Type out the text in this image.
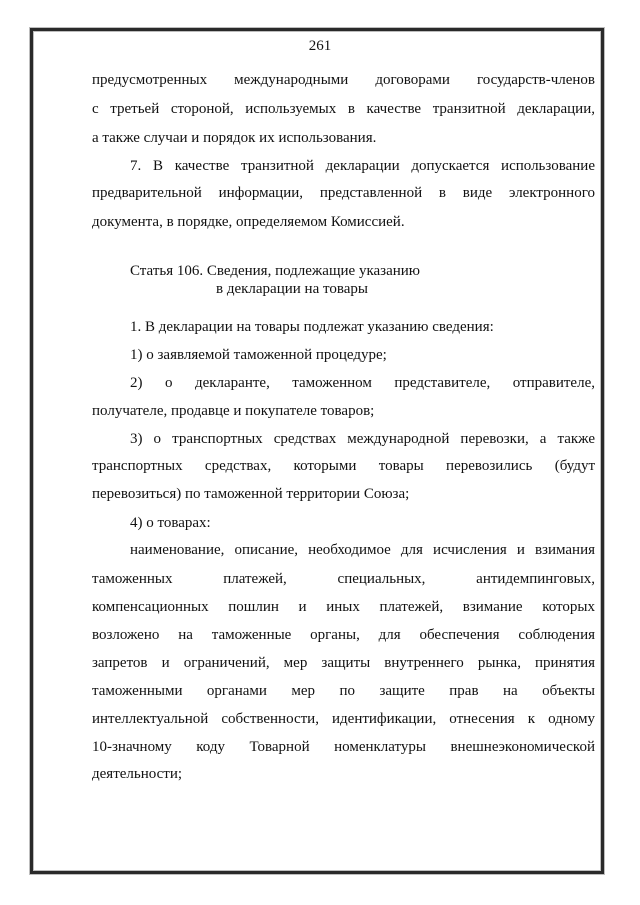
261
предусмотренных международными договорами государств-членов
с третьей стороной, используемых в качестве транзитной декларации,
а также случаи и порядок их использования.
7. В качестве транзитной декларации допускается использование
предварительной информации, представленной в виде электронного
документа, в порядке, определяемом Комиссией.
Статья 106. Сведения, подлежащие указанию
в декларации на товары
1. В декларации на товары подлежат указанию сведения:
1) о заявляемой таможенной процедуре;
2) о декларанте, таможенном представителе, отправителе,
получателе, продавце и покупателе товаров;
3) о транспортных средствах международной перевозки, а также
транспортных средствах, которыми товары перевозились (будут
перевозиться) по таможенной территории Союза;
4) о товарах:
наименование, описание, необходимое для исчисления и взимания
таможенных платежей, специальных, антидемпинговых,
компенсационных пошлин и иных платежей, взимание которых
возложено на таможенные органы, для обеспечения соблюдения
запретов и ограничений, мер защиты внутреннего рынка, принятия
таможенными органами мер по защите прав на объекты
интеллектуальной собственности, идентификации, отнесения к одному
10-значному коду Товарной номенклатуры внешнеэкономической
деятельности;
